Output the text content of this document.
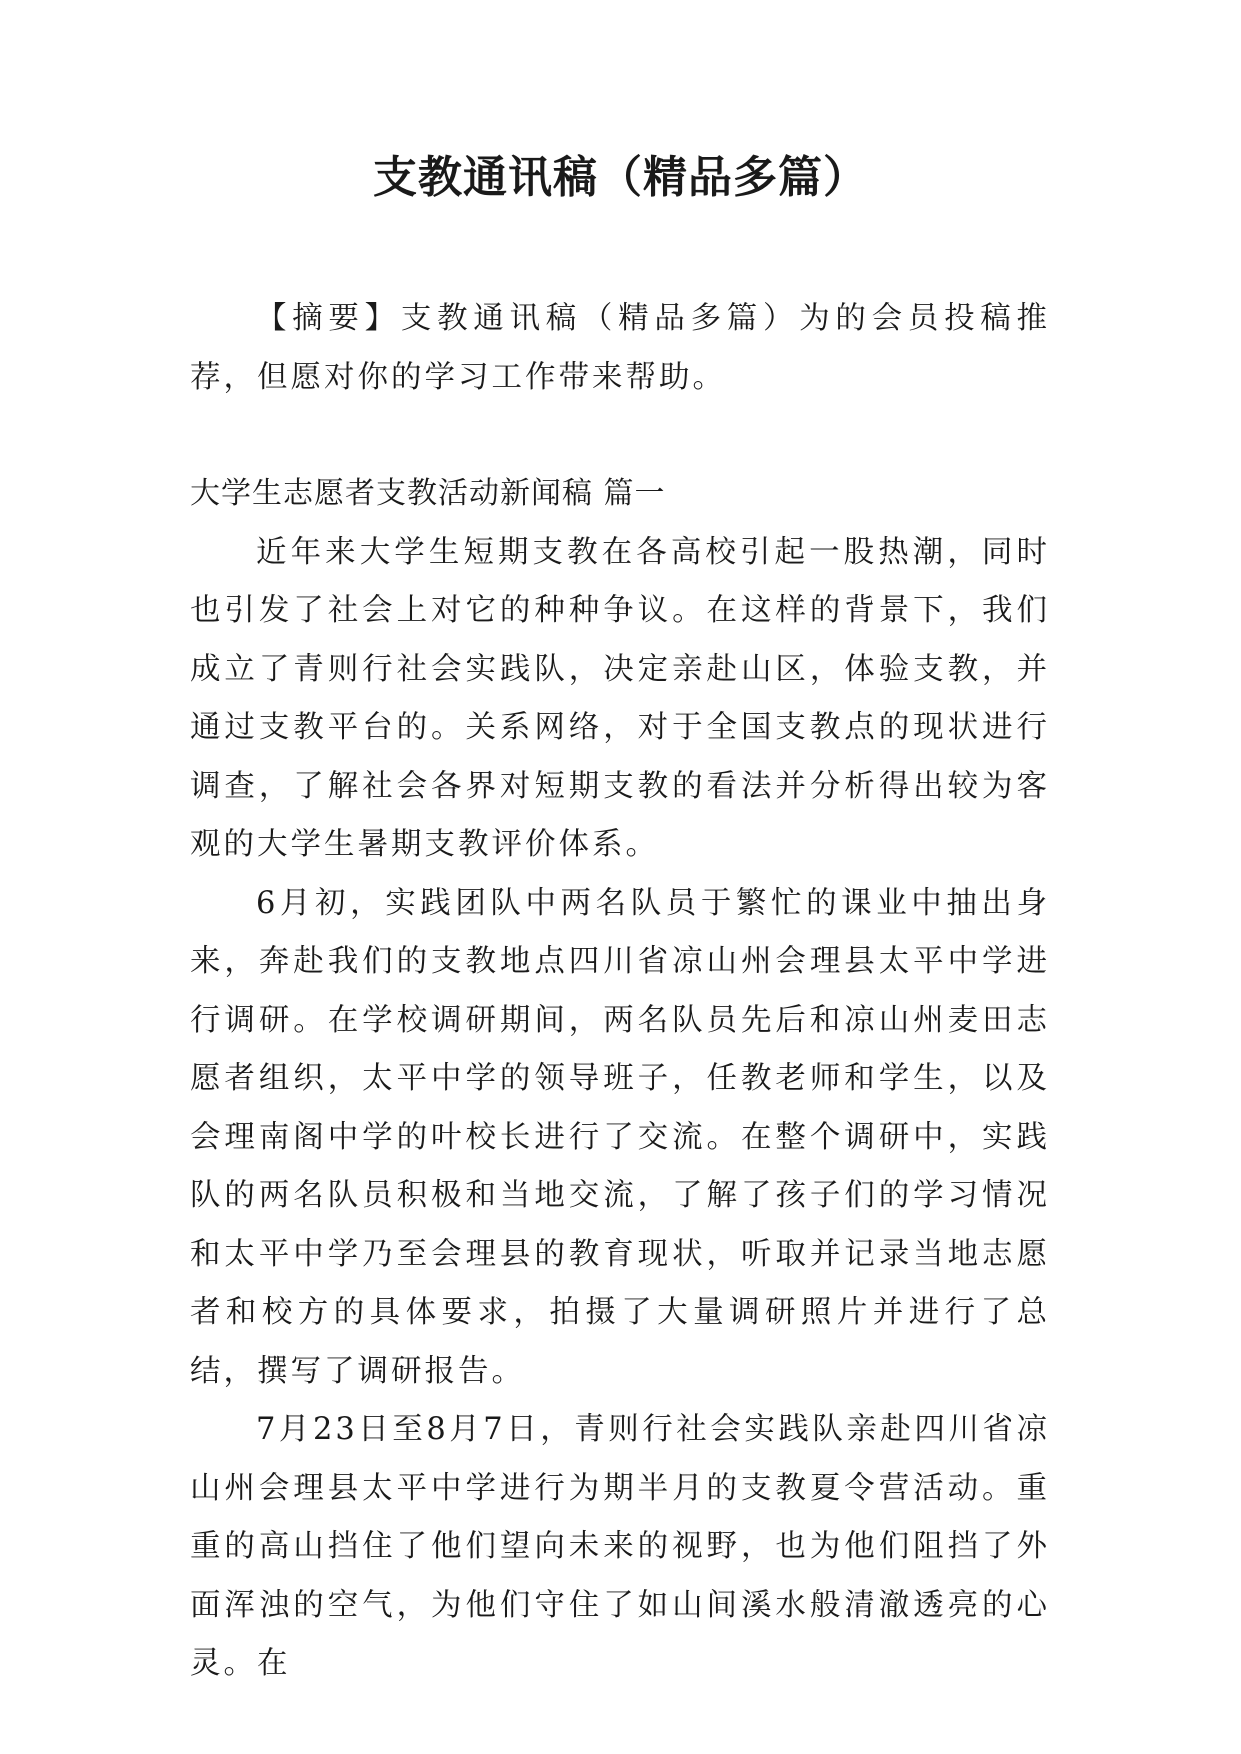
支教通讯稿（精品多篇）

【摘要】支教通讯稿（精品多篇）为的会员投稿推荐，但愿对你的学习工作带来帮助。

大学生志愿者支教活动新闻稿 篇一

近年来大学生短期支教在各高校引起一股热潮，同时也引发了社会上对它的种种争议。在这样的背景下，我们成立了青则行社会实践队，决定亲赴山区，体验支教，并通过支教平台的。关系网络，对于全国支教点的现状进行调查，了解社会各界对短期支教的看法并分析得出较为客观的大学生暑期支教评价体系。

6月初，实践团队中两名队员于繁忙的课业中抽出身来，奔赴我们的支教地点四川省凉山州会理县太平中学进行调研。在学校调研期间，两名队员先后和凉山州麦田志愿者组织，太平中学的领导班子，任教老师和学生，以及会理南阁中学的叶校长进行了交流。在整个调研中，实践队的两名队员积极和当地交流，了解了孩子们的学习情况和太平中学乃至会理县的教育现状，听取并记录当地志愿者和校方的具体要求，拍摄了大量调研照片并进行了总结，撰写了调研报告。

7月23日至8月7日，青则行社会实践队亲赴四川省凉山州会理县太平中学进行为期半月的支教夏令营活动。重重的高山挡住了他们望向未来的视野，也为他们阻挡了外面浑浊的空气，为他们守住了如山间溪水般清澈透亮的心灵。在
